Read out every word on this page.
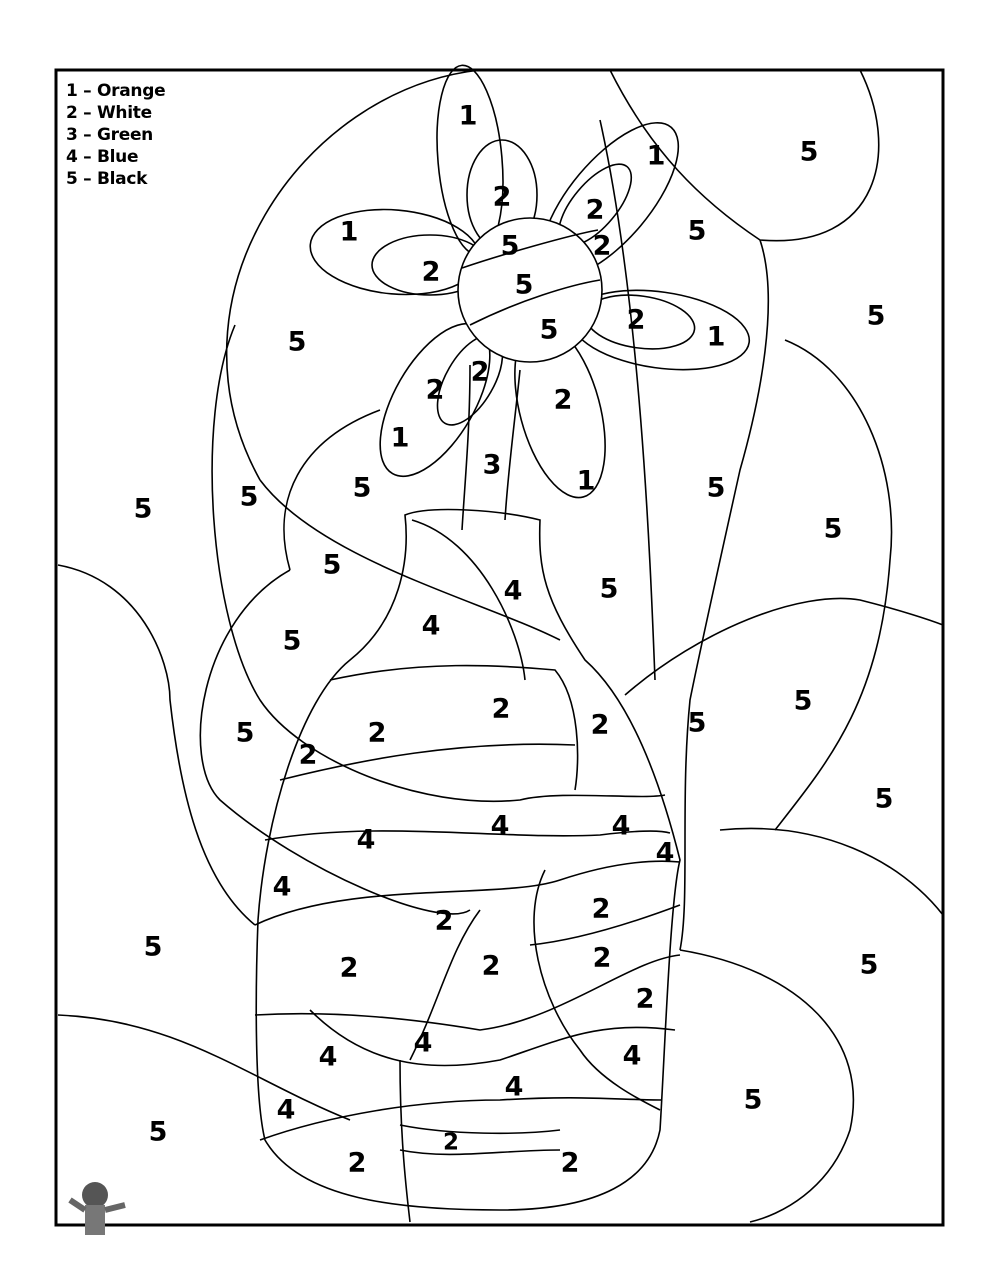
1 – Orange
2 – White
3 – Green
4 – Blue
5 – Black
1
1
1
1
1
1
2	2
2
2
2
2
2	2
5
5
5
3
4
4
4	4	4
4
4
4	4	4
4
4
2
2
2
2
2
2
2
2	2
2
2
2	2
5
5
5
5
5
5
5
5
5
5
5
5
5
5
5
5
5
5
5
5
